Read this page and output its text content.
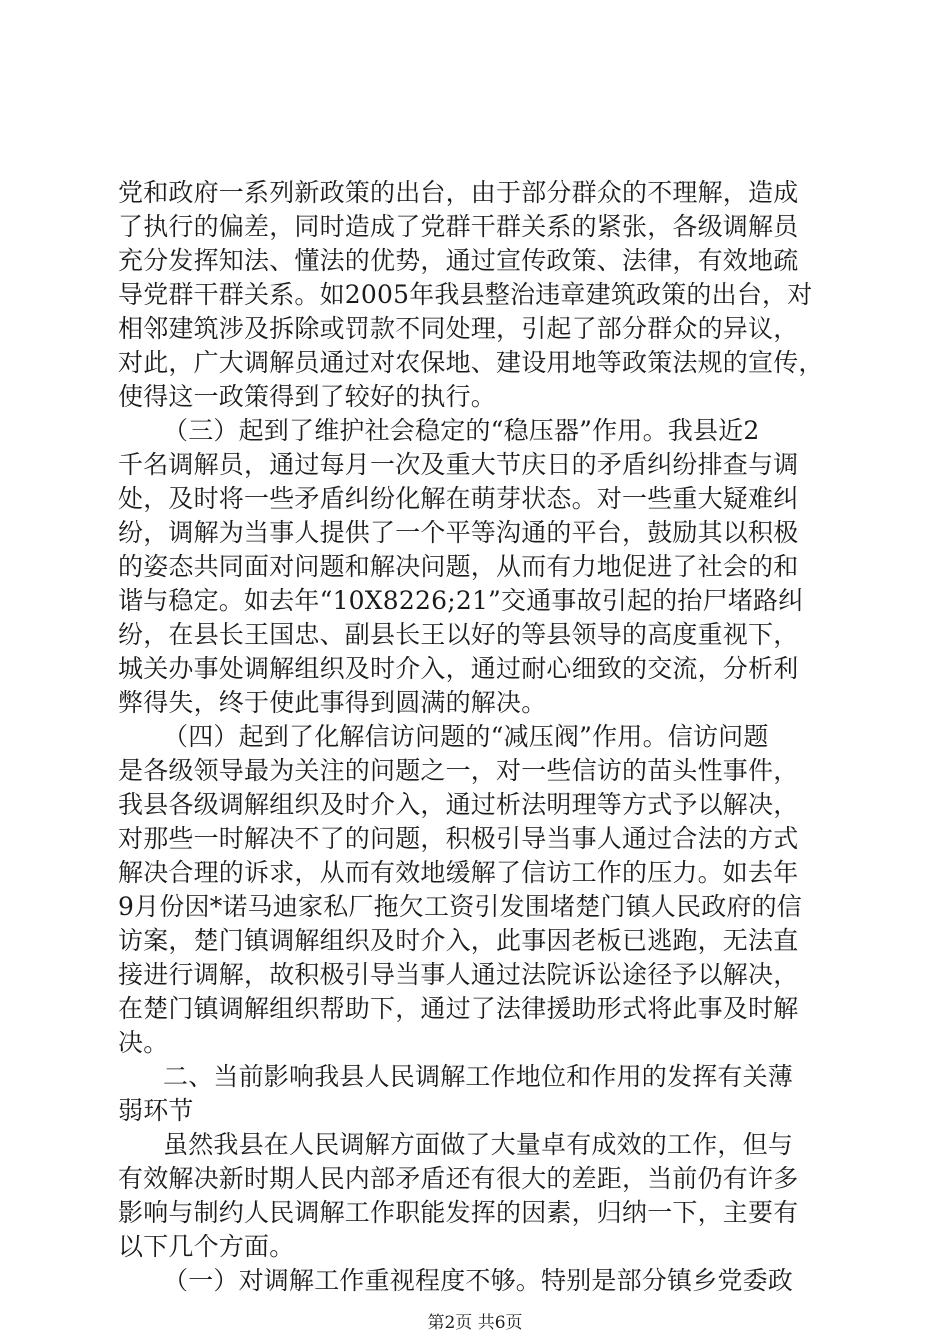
党和政府一系列新政策的出台，由于部分群众的不理解，造成
了执行的偏差，同时造成了党群干群关系的紧张，各级调解员
充分发挥知法、懂法的优势，通过宣传政策、法律，有效地疏
导党群干群关系。如2005年我县整治违章建筑政策的出台，对
相邻建筑涉及拆除或罚款不同处理，引起了部分群众的异议，
对此，广大调解员通过对农保地、建设用地等政策法规的宣传，
使得这一政策得到了较好的执行。
（三）起到了维护社会稳定的“稳压器”作用。我县近2
千名调解员，通过每月一次及重大节庆日的矛盾纠纷排查与调
处，及时将一些矛盾纠纷化解在萌芽状态。对一些重大疑难纠
纷，调解为当事人提供了一个平等沟通的平台，鼓励其以积极
的姿态共同面对问题和解决问题，从而有力地促进了社会的和
谐与稳定。如去年“10X8226;21”交通事故引起的抬尸堵路纠
纷，在县长王国忠、副县长王以好的等县领导的高度重视下，
城关办事处调解组织及时介入，通过耐心细致的交流，分析利
弊得失，终于使此事得到圆满的解决。
（四）起到了化解信访问题的“减压阀”作用。信访问题
是各级领导最为关注的问题之一，对一些信访的苗头性事件，
我县各级调解组织及时介入，通过析法明理等方式予以解决，
对那些一时解决不了的问题，积极引导当事人通过合法的方式
解决合理的诉求，从而有效地缓解了信访工作的压力。如去年
9月份因*诺马迪家私厂拖欠工资引发围堵楚门镇人民政府的信
访案，楚门镇调解组织及时介入，此事因老板已逃跑，无法直
接进行调解，故积极引导当事人通过法院诉讼途径予以解决，
在楚门镇调解组织帮助下，通过了法律援助形式将此事及时解
决。
二、当前影响我县人民调解工作地位和作用的发挥有关薄
弱环节
虽然我县在人民调解方面做了大量卓有成效的工作，但与
有效解决新时期人民内部矛盾还有很大的差距，当前仍有许多
影响与制约人民调解工作职能发挥的因素，归纳一下，主要有
以下几个方面。
（一）对调解工作重视程度不够。特别是部分镇乡党委政
第2页 共6页
